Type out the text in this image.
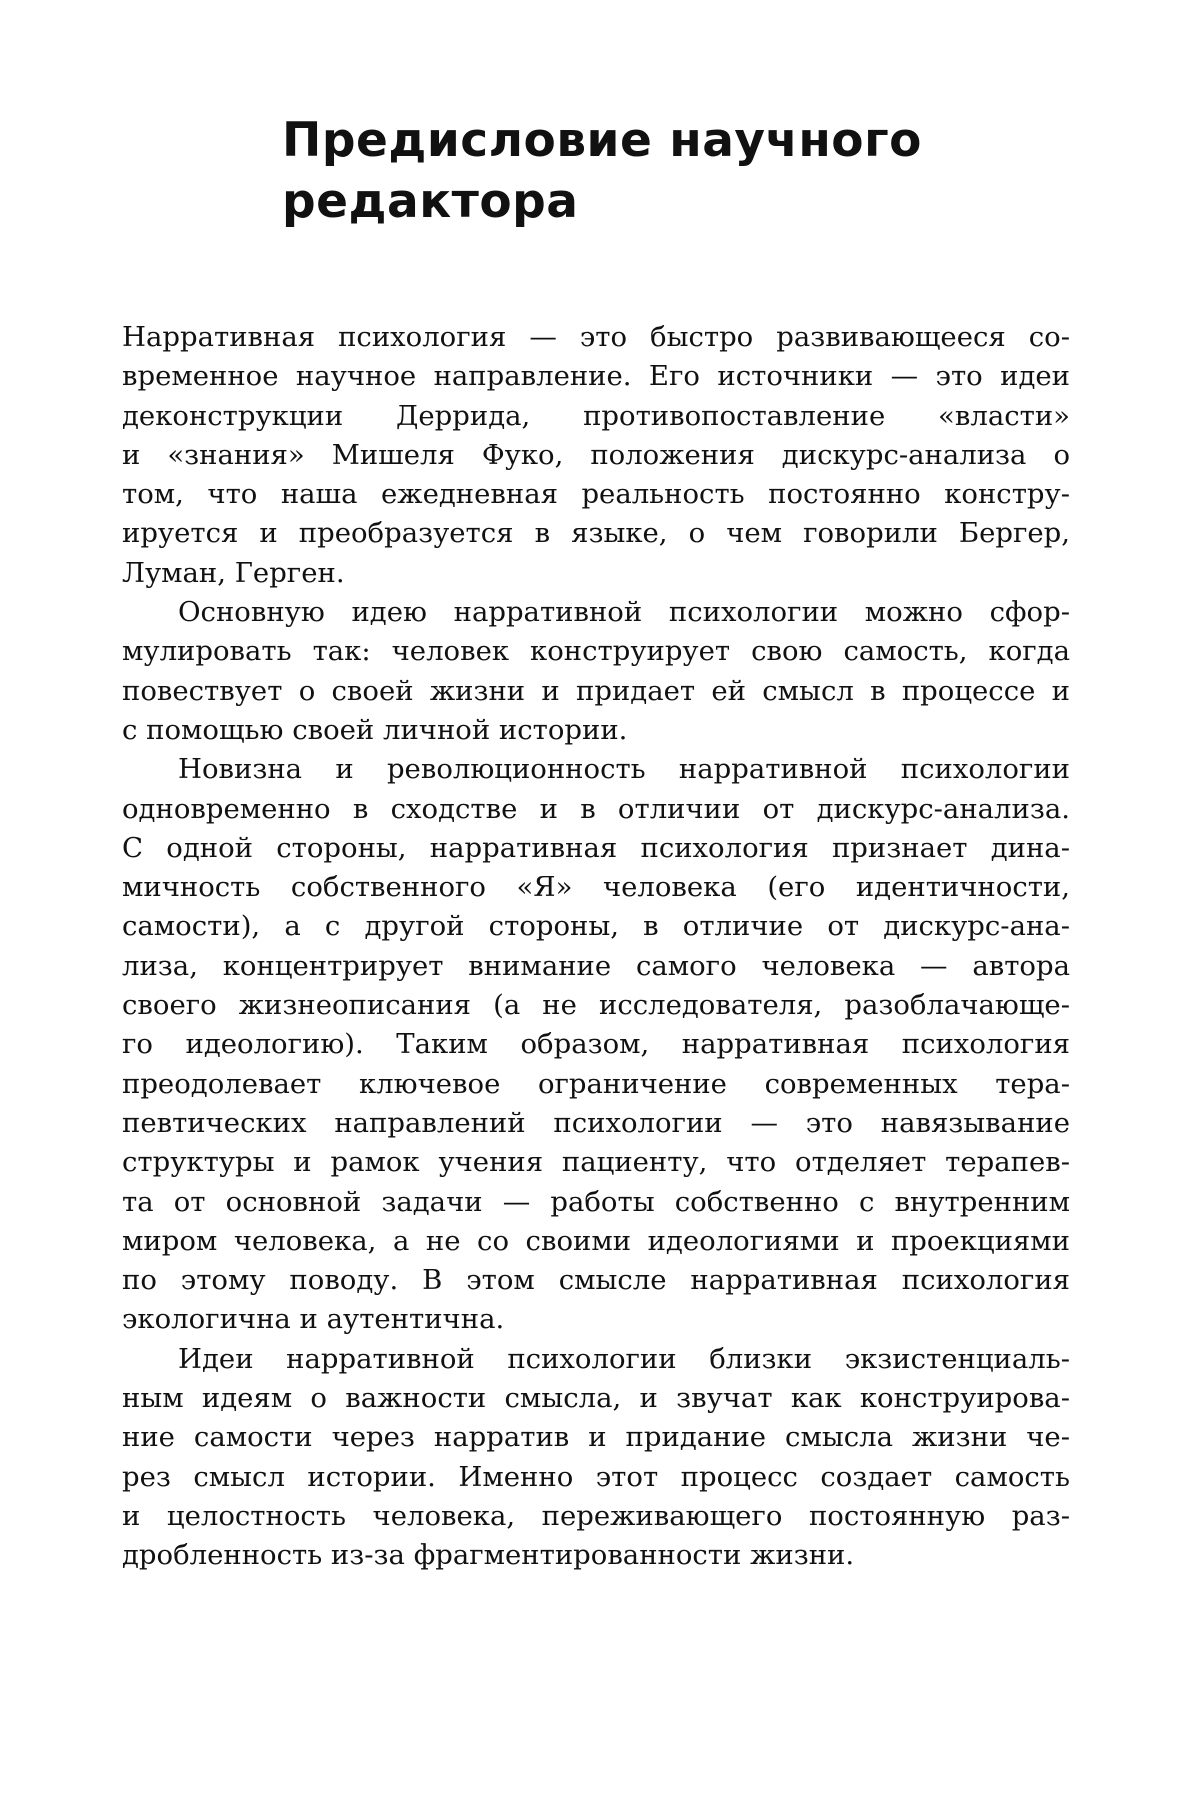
Предисловие научного
редактора

Нарративная психология — это быстро развивающееся со-
временное научное направление. Его источники — это идеи
деконструкции Деррида, противопоставление «власти»
и «знания» Мишеля Фуко, положения дискурс-анализа о
том, что наша ежедневная реальность постоянно констру-
ируется и преобразуется в языке, о чем говорили Бергер,
Луман, Герген.

Основную идею нарративной психологии можно сфор-
мулировать так: человек конструирует свою самость, когда
повествует о своей жизни и придает ей смысл в процессе и
с помощью своей личной истории.

Новизна и революционность нарративной психологии
одновременно в сходстве и в отличии от дискурс-анализа.
С одной стороны, нарративная психология признает дина-
мичность собственного «Я» человека (его идентичности,
самости), а с другой стороны, в отличие от дискурс-ана-
лиза, концентрирует внимание самого человека — автора
своего жизнеописания (а не исследователя, разоблачающе-
го идеологию). Таким образом, нарративная психология
преодолевает ключевое ограничение современных тера-
певтических направлений психологии — это навязывание
структуры и рамок учения пациенту, что отделяет терапев-
та от основной задачи — работы собственно с внутренним
миром человека, а не со своими идеологиями и проекциями
по этому поводу. В этом смысле нарративная психология
экологична и аутентична.

Идеи нарративной психологии близки экзистенциаль-
ным идеям о важности смысла, и звучат как конструирова-
ние самости через нарратив и придание смысла жизни че-
рез смысл истории. Именно этот процесс создает самость
и целостность человека, переживающего постоянную раз-
дробленность из-за фрагментированности жизни.
